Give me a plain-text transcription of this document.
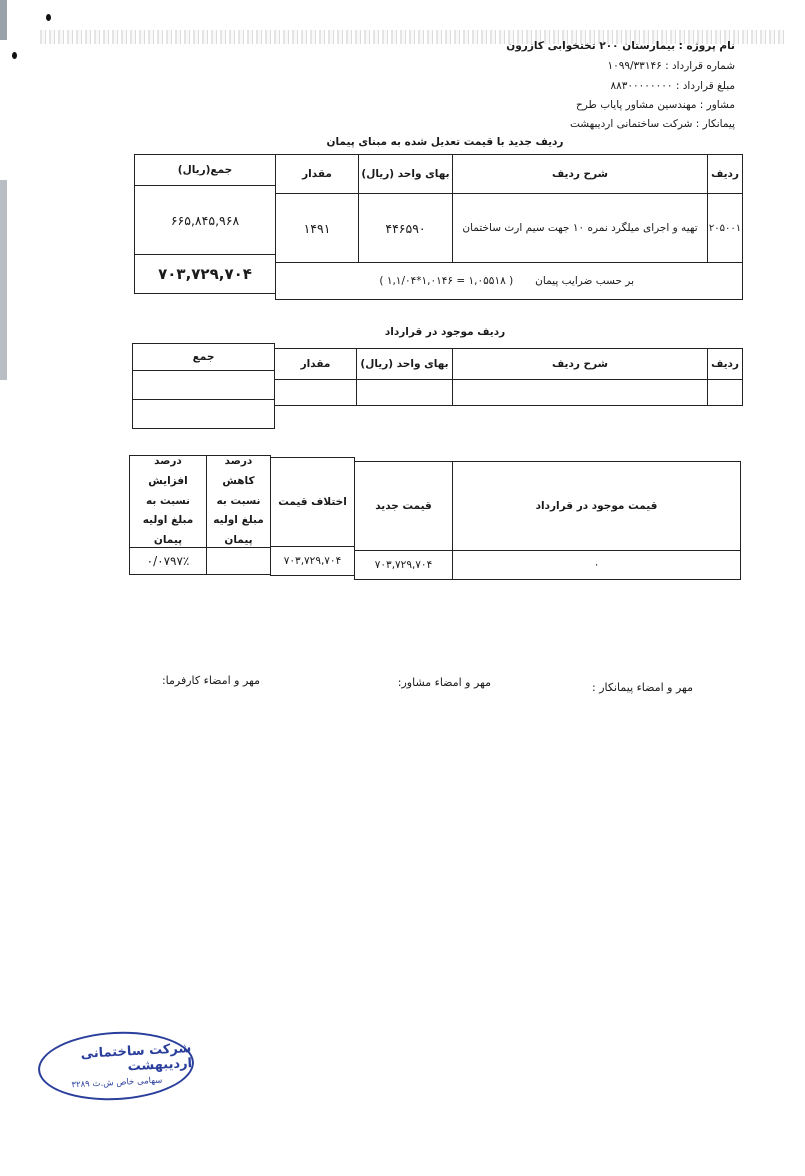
نام پروژه : بیمارستان ۲۰۰ تختخوابی کازرون
شماره قرارداد : ۱۰۹۹/۳۳۱۴۶
مبلغ قرارداد : ۸۸۳۰۰۰۰۰۰۰۰
مشاور : مهندسین مشاور پایاب طرح
پیمانکار : شرکت ساختمانی اردیبهشت
ردیف جدید با قیمت تعدیل شده به مبنای پیمان
ردیف
شرح ردیف
بهای واحد (ریال)
مقدار
جمع(ریال)
۲۰۵۰۰۱
تهیه و اجرای میلگرد نمره ۱۰ جهت سیم ارت ساختمان
۴۴۶۵۹۰
۱۴۹۱
۶۶۵,۸۴۵,۹۶۸
بر حسب ضرایب پیمان
( ۱,۰۵۵۱۸ = ۱,۰۱۴۶*۱,۱/۰۴ )
۷۰۳,۷۲۹,۷۰۴
ردیف موجود در قرارداد
ردیف
شرح ردیف
بهای واحد (ریال)
مقدار
جمع
قیمت موجود در قرارداد
قیمت جدید
اختلاف قیمت
درصد کاهش نسبت به مبلغ اولیه پیمان
درصد افزایش نسبت به مبلغ اولیه پیمان
۰
۷۰۳,۷۲۹,۷۰۴
۷۰۳,۷۲۹,۷۰۴
۰/۰۷۹۷٪
مهر و امضاء پیمانکار :
مهر و امضاء مشاور:
مهر و امضاء کارفرما:
شرکت ساختمانی اردیبهشت
سهامی خاص ش.ث ۳۲۸۹
